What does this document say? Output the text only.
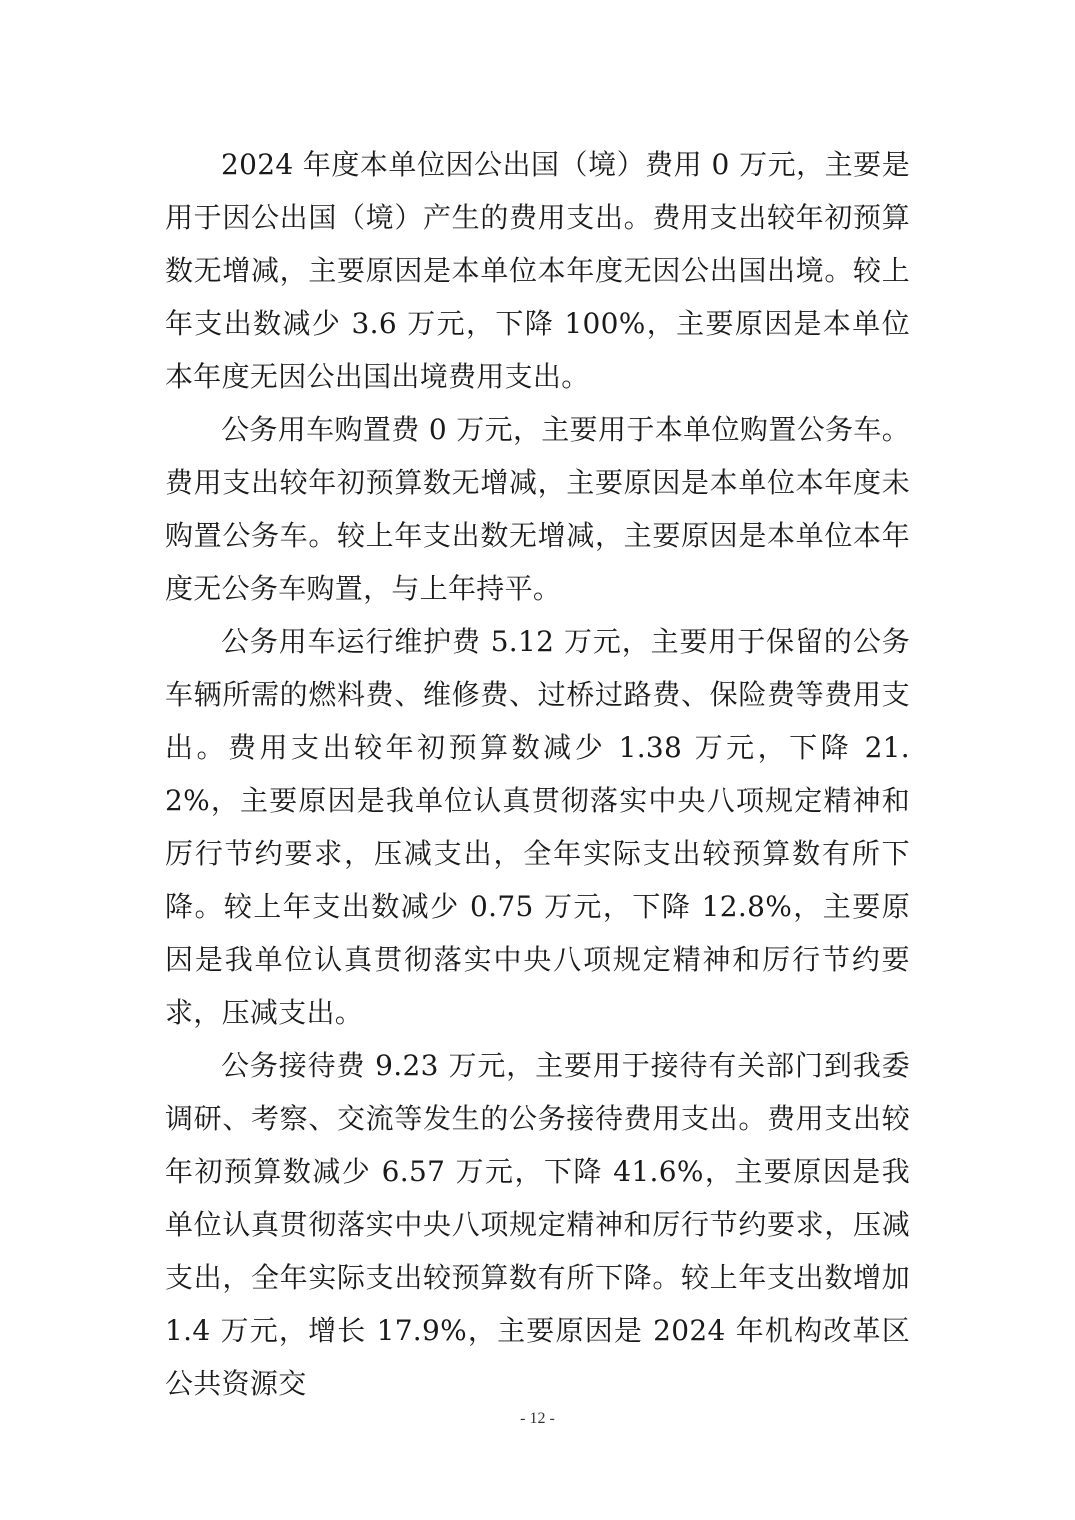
2024 年度本单位因公出国（境）费用 0 万元，主要是用于因公出国（境）产生的费用支出。费用支出较年初预算数无增减，主要原因是本单位本年度无因公出国出境。较上年支出数减少 3.6 万元，下降 100%，主要原因是本单位本年度无因公出国出境费用支出。

公务用车购置费 0 万元，主要用于本单位购置公务车。费用支出较年初预算数无增减，主要原因是本单位本年度未购置公务车。较上年支出数无增减，主要原因是本单位本年度无公务车购置，与上年持平。

公务用车运行维护费 5.12 万元，主要用于保留的公务车辆所需的燃料费、维修费、过桥过路费、保险费等费用支出。费用支出较年初预算数减少 1.38 万元，下降 21.2%，主要原因是我单位认真贯彻落实中央八项规定精神和厉行节约要求，压减支出，全年实际支出较预算数有所下降。较上年支出数减少 0.75 万元，下降 12.8%，主要原因是我单位认真贯彻落实中央八项规定精神和厉行节约要求，压减支出。

公务接待费 9.23 万元，主要用于接待有关部门到我委调研、考察、交流等发生的公务接待费用支出。费用支出较年初预算数减少 6.57 万元，下降 41.6%，主要原因是我单位认真贯彻落实中央八项规定精神和厉行节约要求，压减支出，全年实际支出较预算数有所下降。较上年支出数增加 1.4 万元，增长 17.9%，主要原因是 2024 年机构改革区公共资源交

- 12 -
